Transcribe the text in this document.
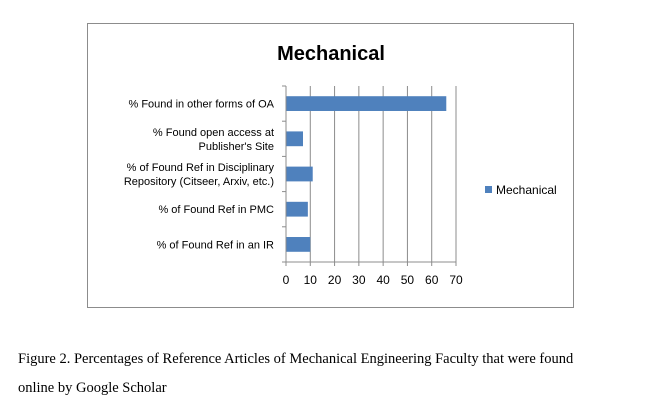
Mechanical
% Found in other forms of OA
% Found open access at Publisher's Site
% of Found Ref in Disciplinary Repository (Citseer, Arxiv, etc.)
% of Found Ref in PMC
% of Found Ref in an IR
0 10 20 30 40 50 60 70
Mechanical
Figure 2. Percentages of Reference Articles of Mechanical Engineering Faculty that were found
online by Google Scholar
